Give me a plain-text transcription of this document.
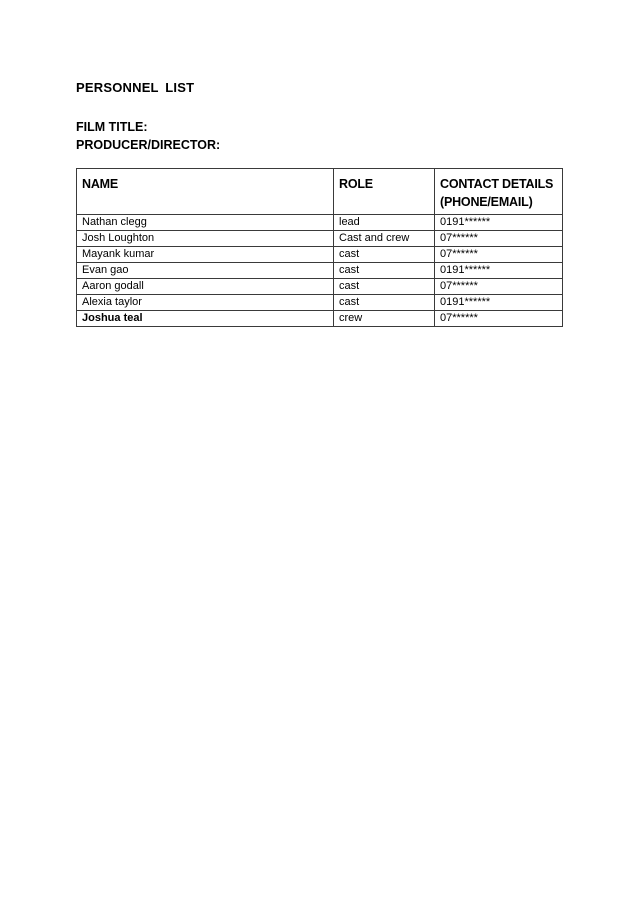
PERSONNEL LIST
FILM TITLE:
PRODUCER/DIRECTOR:
NAME	ROLE	CONTACT DETAILS (PHONE/EMAIL)
Nathan clegg	lead	0191******
Josh Loughton	Cast and crew	07******
Mayank kumar	cast	07******
Evan gao	cast	0191******
Aaron godall	cast	07******
Alexia taylor	cast	0191******
Joshua teal	crew	07******
